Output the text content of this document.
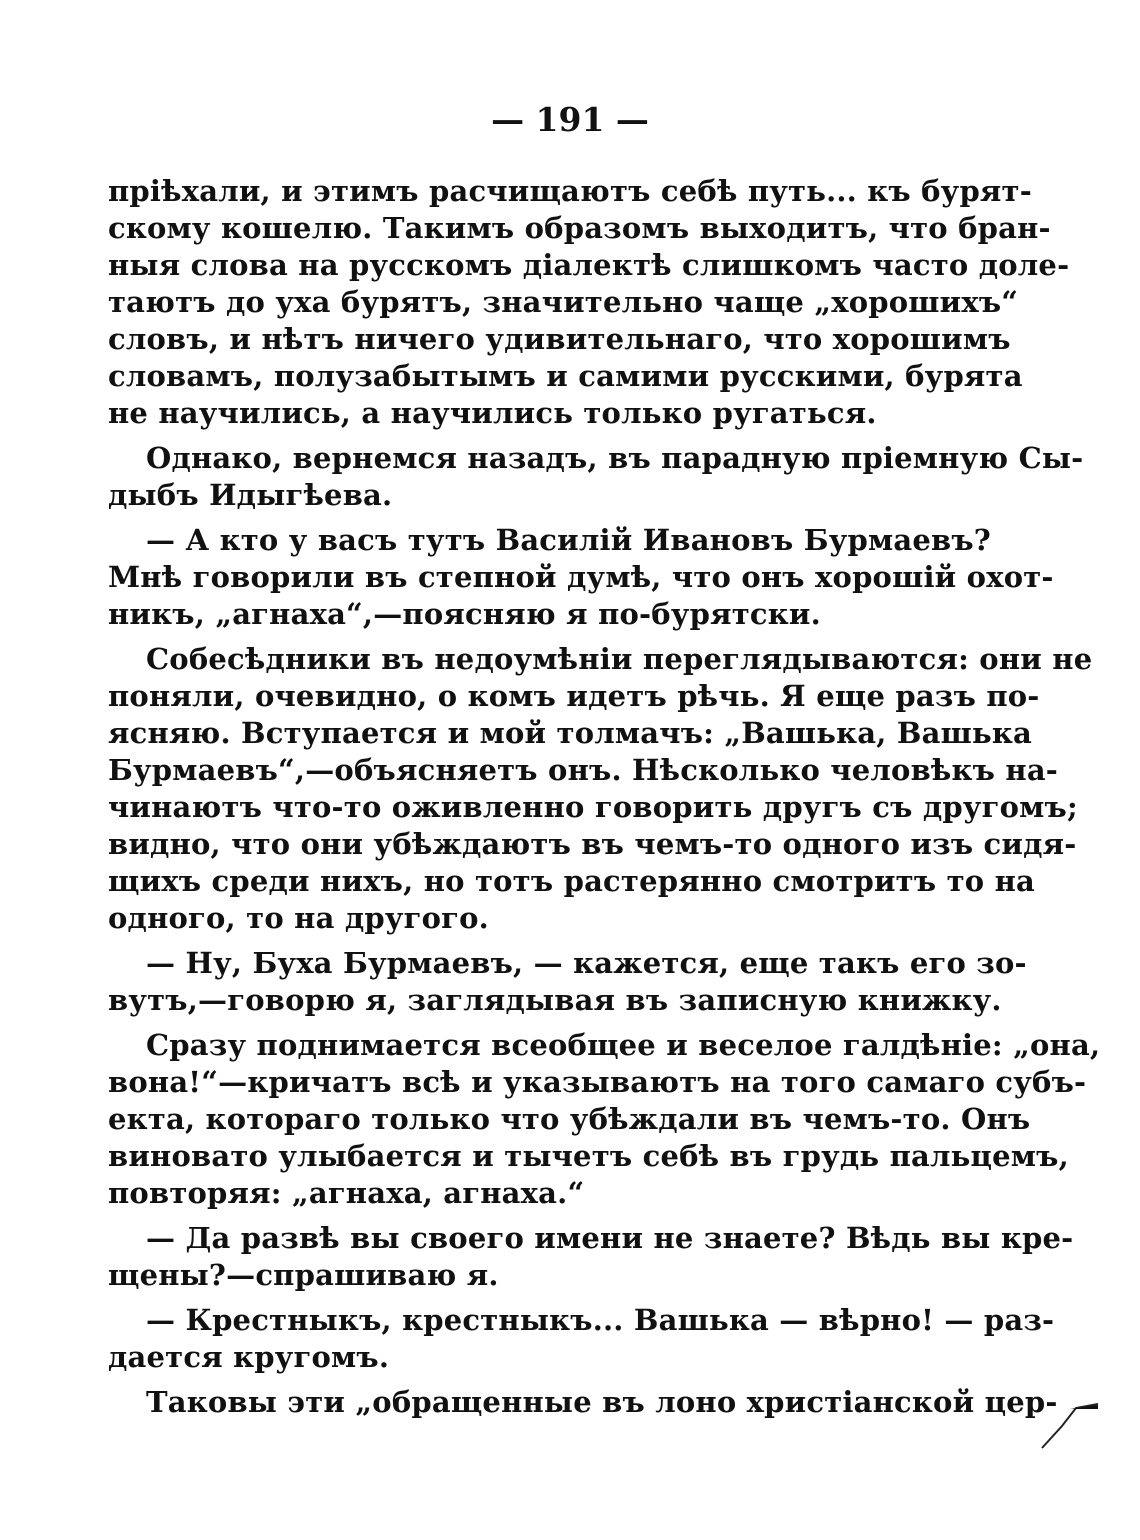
— 191 —
пріѣхали, и этимъ расчищаютъ себѣ путь... къ бурят-
скому кошелю. Такимъ образомъ выходитъ, что бран-
ныя слова на русскомъ діалектѣ слишкомъ часто доле-
таютъ до уха бурятъ, значительно чаще „хорошихъ“
словъ, и нѣтъ ничего удивительнаго, что хорошимъ
словамъ, полузабытымъ и самими русскими, бурята
не научились, а научились только ругаться.
Однако, вернемся назадъ, въ парадную пріемную Сы-
дыбъ Идыгѣева.
— А кто у васъ тутъ Василій Ивановъ Бурмаевъ?
Мнѣ говорили въ степной думѣ, что онъ хорошій охот-
никъ, „агнаха“,—поясняю я по-бурятски.
Собесѣдники въ недоумѣніи переглядываются: они не
поняли, очевидно, о комъ идетъ рѣчь. Я еще разъ по-
ясняю. Вступается и мой толмачъ: „Вашька, Вашька
Бурмаевъ“,—объясняетъ онъ. Нѣсколько человѣкъ на-
чинаютъ что-то оживленно говорить другъ съ другомъ;
видно, что они убѣждаютъ въ чемъ-то одного изъ сидя-
щихъ среди нихъ, но тотъ растерянно смотритъ то на
одного, то на другого.
— Ну, Буха Бурмаевъ, — кажется, еще такъ его зо-
вутъ,—говорю я, заглядывая въ записную книжку.
Сразу поднимается всеобщее и веселое галдѣніе: „она,
вона!“—кричатъ всѣ и указываютъ на того самаго субъ-
екта, котораго только что убѣждали въ чемъ-то. Онъ
виновато улыбается и тычетъ себѣ въ грудь пальцемъ,
повторяя: „агнаха, агнаха.“
— Да развѣ вы своего имени не знаете? Вѣдь вы кре-
щены?—спрашиваю я.
— Крестныкъ, крестныкъ... Вашька — вѣрно! — раз-
дается кругомъ.
Таковы эти „обращенные въ лоно христіанской цер-
